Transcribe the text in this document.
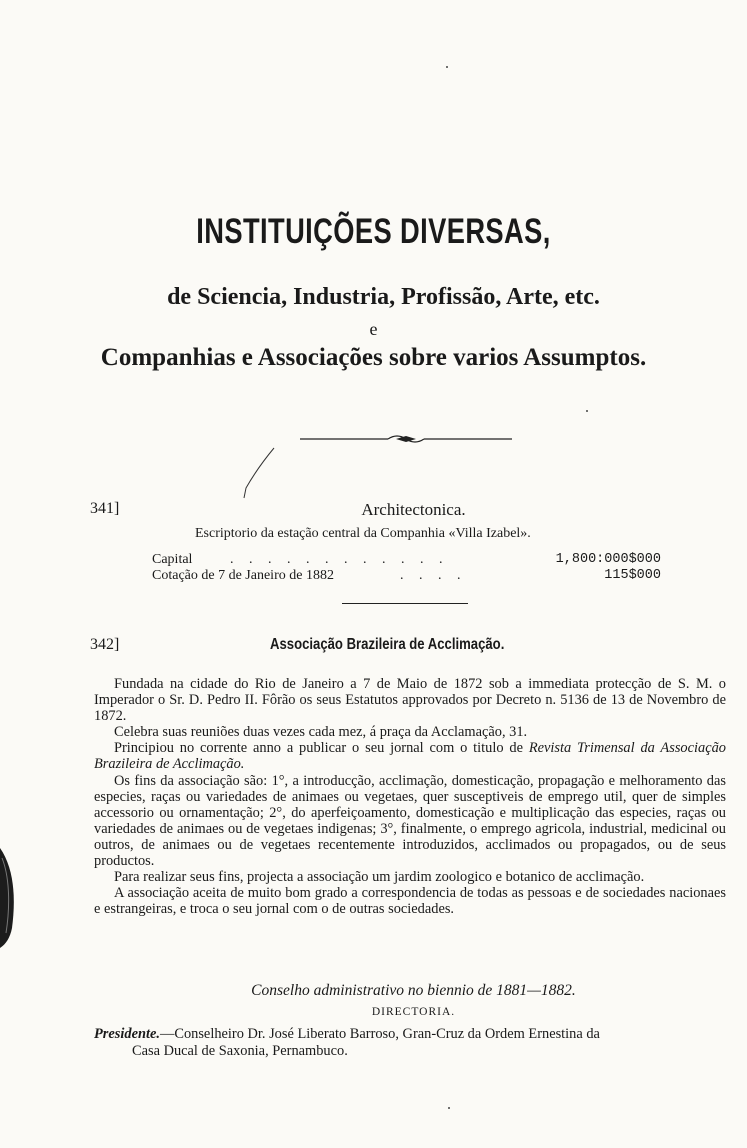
INSTITUIÇÕES DIVERSAS,
de Sciencia, Industria, Profissão, Arte, etc.
e
Companhias e Associações sobre varios Assumptos.
341]	Architectonica.
Escriptorio da estação central da Companhia «Villa Izabel».
Capital	. . . . . . . . . . . .	1,800:000$000
Cotação de 7 de Janeiro de 1882	. . . .	115$000
342]	Associação Brazileira de Acclimação.

Fundada na cidade do Rio de Janeiro a 7 de Maio de 1872 sob a immediata protecção de S. M. o Imperador o Sr. D. Pedro II. Fôrão os seus Estatutos approvados por Decreto n. 5136 de 13 de Novembro de 1872.

Celebra suas reuniões duas vezes cada mez, á praça da Acclamação, 31.

Principiou no corrente anno a publicar o seu jornal com o titulo de Revista Trimensal da Associação Brazileira de Acclimação.

Os fins da associação são: 1°, a introducção, acclimação, domesticação, propagação e melhoramento das especies, raças ou variedades de animaes ou vegetaes, quer susceptiveis de emprego util, quer de simples accessorio ou ornamentação; 2°, do aperfeiçoamento, domesticação e multiplicação das especies, raças ou variedades de animaes ou de vegetaes indigenas; 3°, finalmente, o emprego agricola, industrial, medicinal ou outros, de animaes ou de vegetaes recentemente introduzidos, acclimados ou propagados, ou de seus productos.

Para realizar seus fins, projecta a associação um jardim zoologico e botanico de acclimação.

A associação aceita de muito bom grado a correspondencia de todas as pessoas e de sociedades nacionaes e estrangeiras, e troca o seu jornal com o de outras sociedades.

Conselho administrativo no biennio de 1881—1882.
DIRECTORIA.
Presidente.—Conselheiro Dr. José Liberato Barroso, Gran-Cruz da Ordem Ernestina da
Casa Ducal de Saxonia, Pernambuco.
